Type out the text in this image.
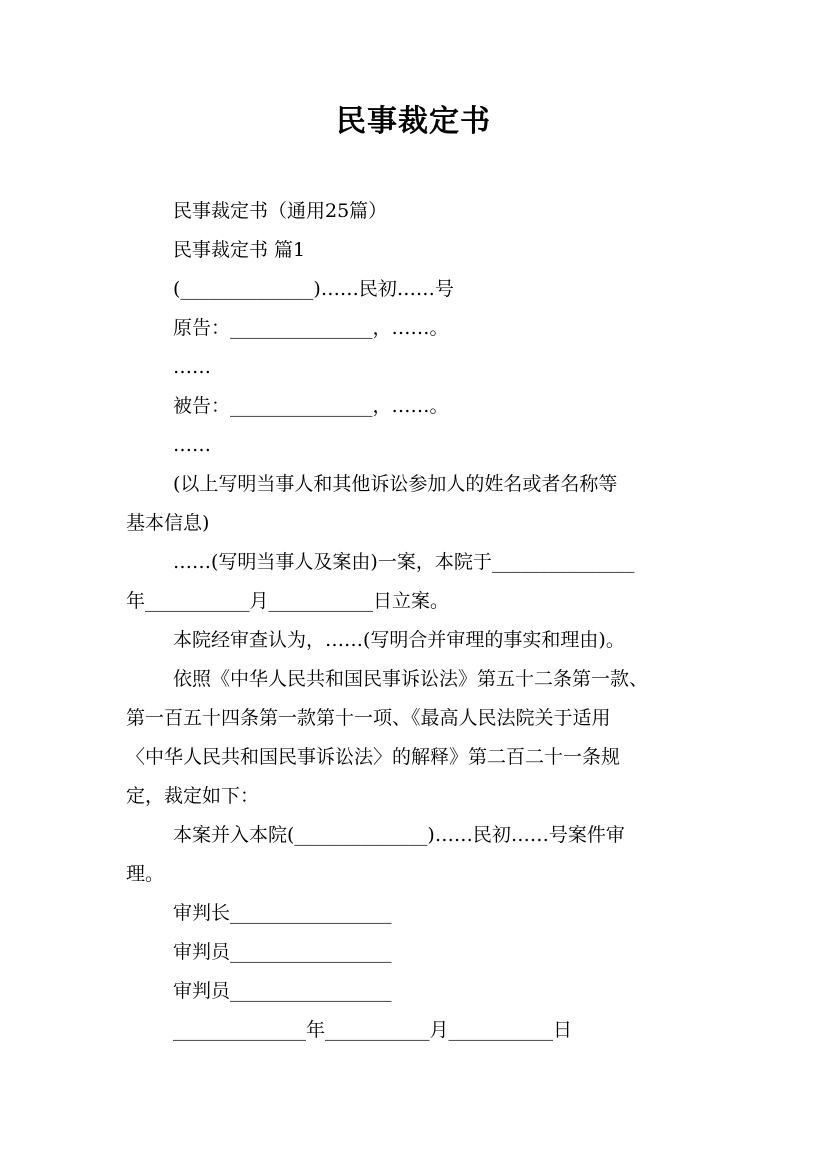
民事裁定书
民事裁定书（通用25篇）
民事裁定书 篇1
(______________)……民初……号
原告：_______________，……。
……
被告：_______________，……。
……
(以上写明当事人和其他诉讼参加人的姓名或者名称等
基本信息)
……(写明当事人及案由)一案，本院于_______________
年___________月___________日立案。
本院经审查认为，……(写明合并审理的事实和理由)。
依照《中华人民共和国民事诉讼法》第五十二条第一款、
第一百五十四条第一款第十一项、《最高人民法院关于适用
〈中华人民共和国民事诉讼法〉的解释》第二百二十一条规
定，裁定如下：
本案并入本院(______________)……民初……号案件审
理。
审判长_________________
审判员_________________
审判员_________________
______________年___________月___________日
